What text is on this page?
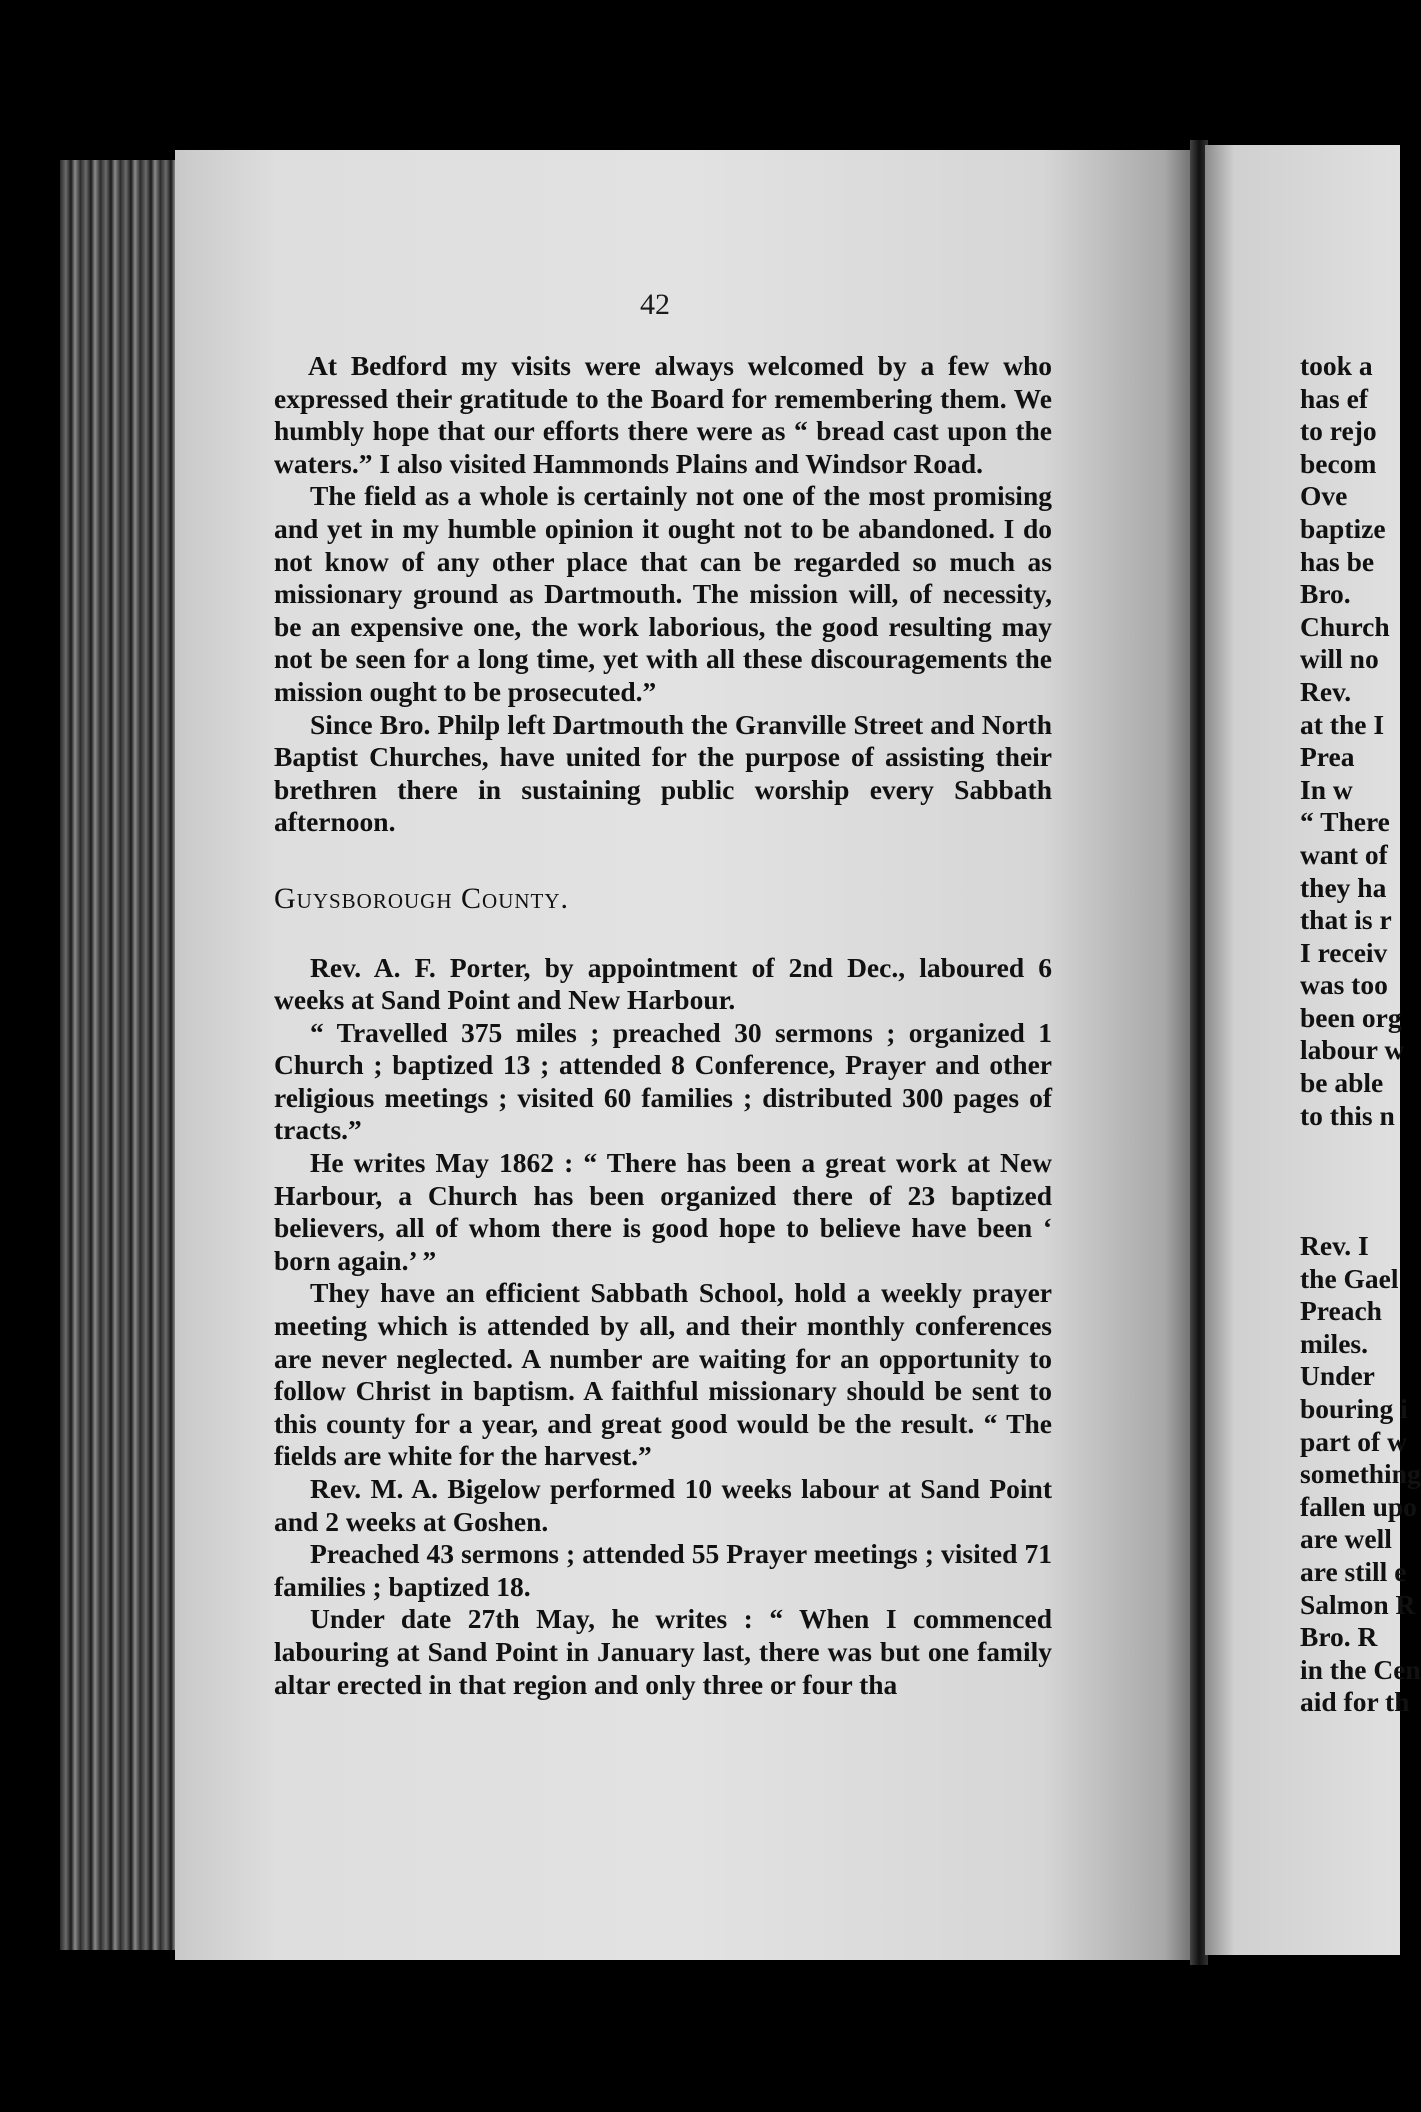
42

At Bedford my visits were always welcomed by a few who expressed their gratitude to the Board for remembering them. We humbly hope that our efforts there were as “ bread cast upon the waters.” I also visited Hammonds Plains and Windsor Road.

The field as a whole is certainly not one of the most promising and yet in my humble opinion it ought not to be abandoned. I do not know of any other place that can be regarded so much as missionary ground as Dartmouth. The mission will, of necessity, be an expensive one, the work laborious, the good resulting may not be seen for a long time, yet with all these discouragements the mission ought to be prosecuted.”

Since Bro. Philp left Dartmouth the Granville Street and North Baptist Churches, have united for the purpose of assisting their brethren there in sustaining public worship every Sabbath afternoon.

Guysborough County.

Rev. A. F. Porter, by appointment of 2nd Dec., laboured 6 weeks at Sand Point and New Harbour.

“ Travelled 375 miles ; preached 30 sermons ; organized 1 Church ; baptized 13 ; attended 8 Conference, Prayer and other religious meetings ; visited 60 families ; distributed 300 pages of tracts.”

He writes May 1862 : “ There has been a great work at New Harbour, a Church has been organized there of 23 baptized believers, all of whom there is good hope to believe have been ‘ born again.’ ”

They have an efficient Sabbath School, hold a weekly prayer meeting which is attended by all, and their monthly conferences are never neglected. A number are waiting for an opportunity to follow Christ in baptism. A faithful missionary should be sent to this county for a year, and great good would be the result. “ The fields are white for the harvest.”

Rev. M. A. Bigelow performed 10 weeks labour at Sand Point and 2 weeks at Goshen.

Preached 43 sermons ; attended 55 Prayer meetings ; visited 71 families ; baptized 18.

Under date 27th May, he writes : “ When I commenced labouring at Sand Point in January last, there was but one family altar erected in that region and only three or four tha

took a
has ef
to rejo
becom
Ove
baptize
has be
Bro.
Church
will no
Rev.
at the I
Prea
In w
“ There
want of
they ha
that is r
I receiv
was too
been org
labour w
be able
to this n
Rev. I
the Gael
Preach
miles.
Under
bouring i
part of w
something
fallen upo
are well
are still e
Salmon R
Bro. R
in the Cen
aid for th
